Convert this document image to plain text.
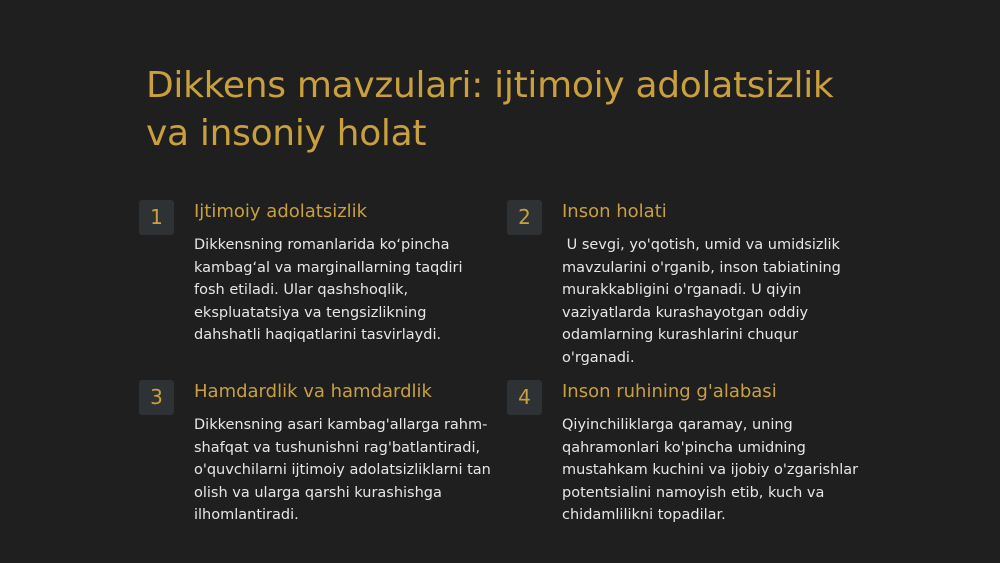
Dikkens mavzulari: ijtimoiy adolatsizlik
va insoniy holat
1	Ijtimoiy adolatsizlik

Dikkensning romanlarida koʻpincha
kambagʻal va marginallarning taqdiri
fosh etiladi. Ular qashshoqlik,
ekspluatatsiya va tengsizlikning
dahshatli haqiqatlarini tasvirlaydi.

2	Inson holati

U sevgi, yo'qotish, umid va umidsizlik
mavzularini o'rganib, inson tabiatining
murakkabligini o'rganadi. U qiyin
vaziyatlarda kurashayotgan oddiy
odamlarning kurashlarini chuqur
o'rganadi.

3	Hamdardlik va hamdardlik

Dikkensning asari kambag'allarga rahm-
shafqat va tushunishni rag'batlantiradi,
o'quvchilarni ijtimoiy adolatsizliklarni tan
olish va ularga qarshi kurashishga
ilhomlantiradi.

4	Inson ruhining g'alabasi

Qiyinchiliklarga qaramay, uning
qahramonlari ko'pincha umidning
mustahkam kuchini va ijobiy o'zgarishlar
potentsialini namoyish etib, kuch va
chidamlilikni topadilar.
